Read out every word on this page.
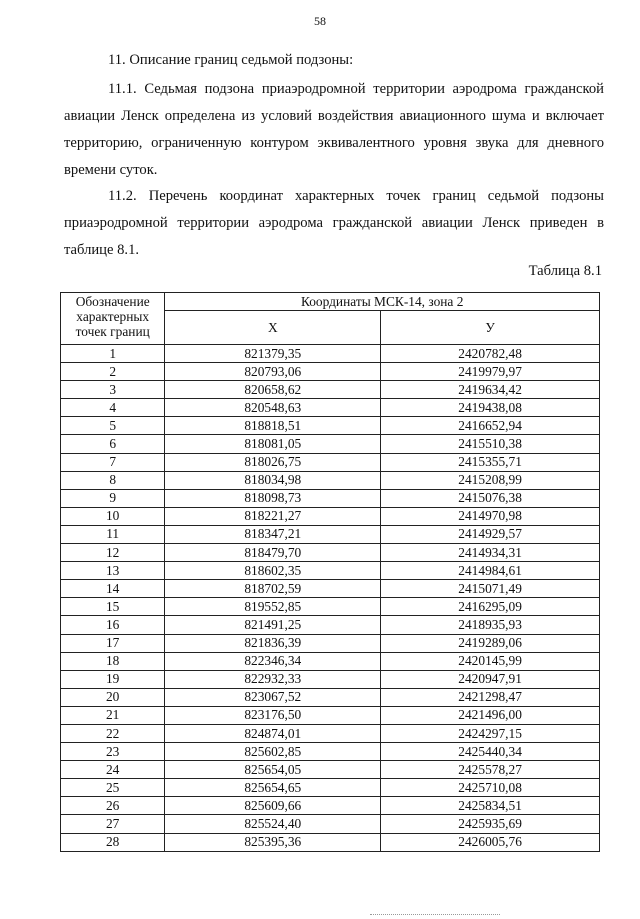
58

11. Описание границ седьмой подзоны:

11.1. Седьмая подзона приаэродромной территории аэродрома гражданской авиации Ленск определена из условий воздействия авиационного шума и включает территорию, ограниченную контуром эквивалентного уровня звука для дневного времени суток.

11.2. Перечень координат характерных точек границ седьмой подзоны приаэродромной территории аэродрома гражданской авиации Ленск приведен в таблице 8.1.

Таблица 8.1
Обозначение характерных точек границ	Координаты МСК-14, зона 2	
	Х	У
1	821379,35	2420782,48
2	820793,06	2419979,97
3	820658,62	2419634,42
4	820548,63	2419438,08
5	818818,51	2416652,94
6	818081,05	2415510,38
7	818026,75	2415355,71
8	818034,98	2415208,99
9	818098,73	2415076,38
10	818221,27	2414970,98
11	818347,21	2414929,57
12	818479,70	2414934,31
13	818602,35	2414984,61
14	818702,59	2415071,49
15	819552,85	2416295,09
16	821491,25	2418935,93
17	821836,39	2419289,06
18	822346,34	2420145,99
19	822932,33	2420947,91
20	823067,52	2421298,47
21	823176,50	2421496,00
22	824874,01	2424297,15
23	825602,85	2425440,34
24	825654,05	2425578,27
25	825654,65	2425710,08
26	825609,66	2425834,51
27	825524,40	2425935,69
28	825395,36	2426005,76
